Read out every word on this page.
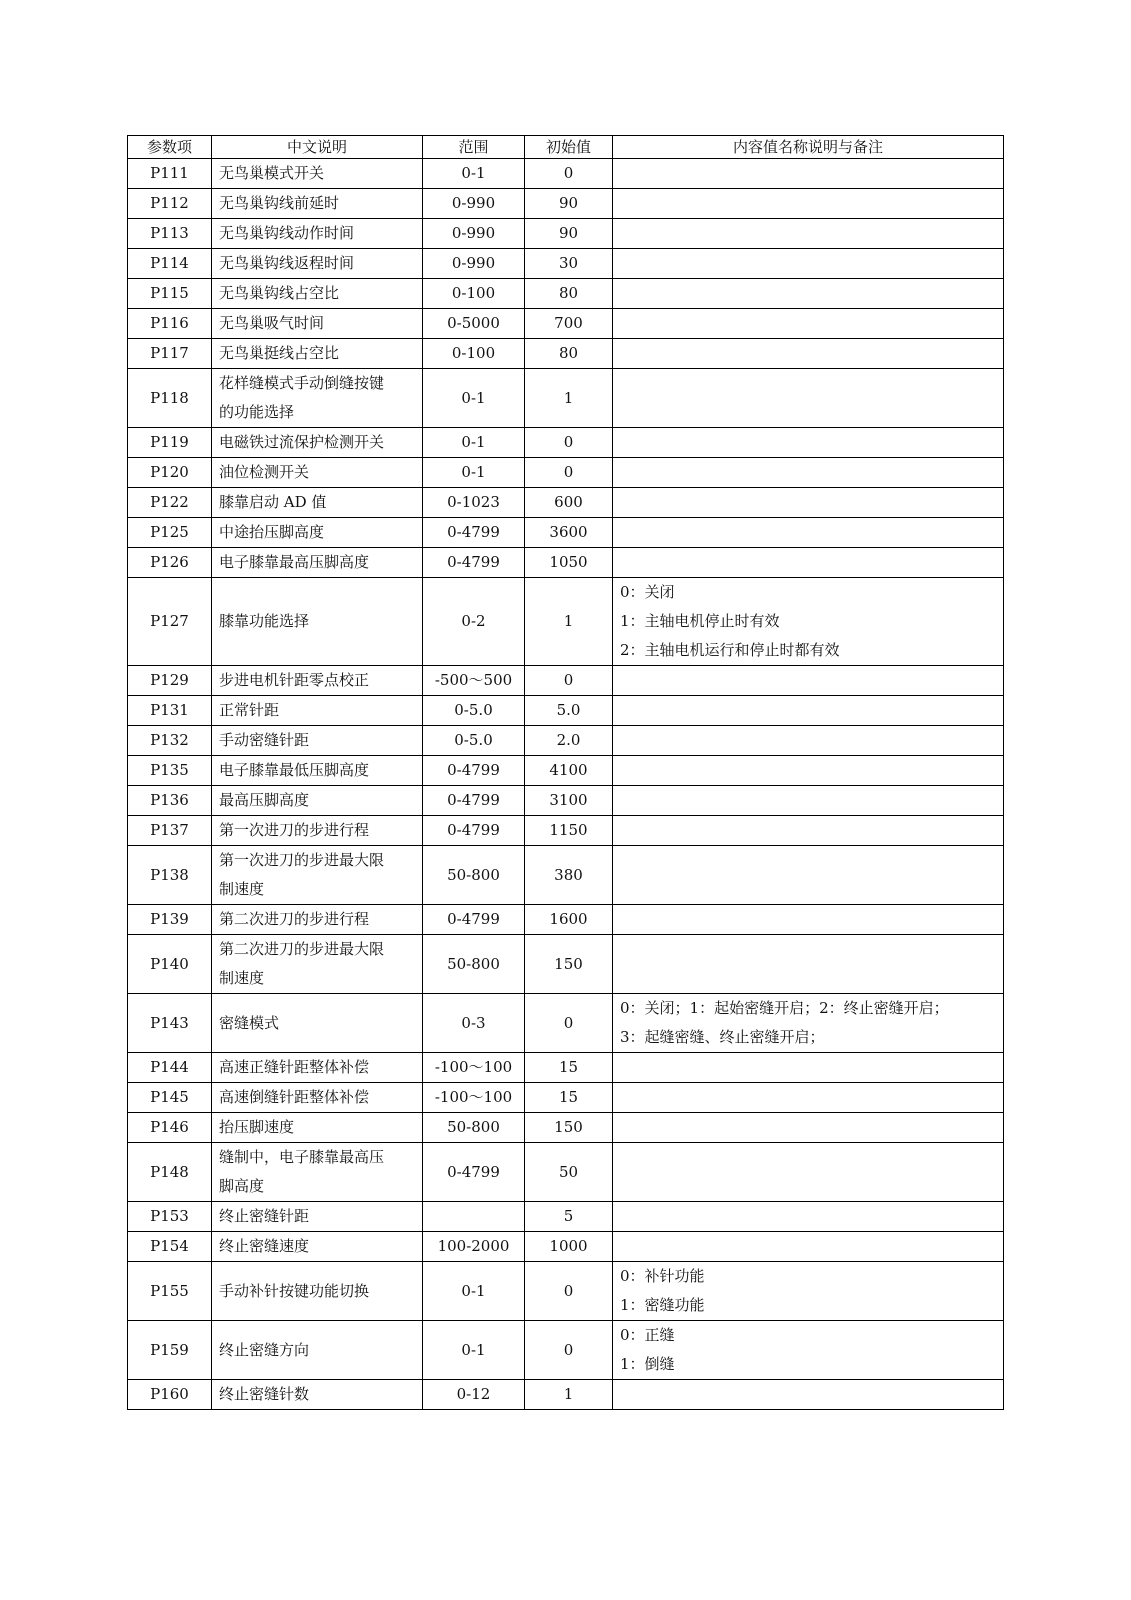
参数项	中文说明	范围	初始值	内容值名称说明与备注
P111	无鸟巢模式开关	0-1	0	
P112	无鸟巢钩线前延时	0-990	90	
P113	无鸟巢钩线动作时间	0-990	90	
P114	无鸟巢钩线返程时间	0-990	30	
P115	无鸟巢钩线占空比	0-100	80	
P116	无鸟巢吸气时间	0-5000	700	
P117	无鸟巢挺线占空比	0-100	80	
P118	花样缝模式手动倒缝按键
的功能选择	0-1	1	
P119	电磁铁过流保护检测开关	0-1	0	
P120	油位检测开关	0-1	0	
P122	膝靠启动 AD 值	0-1023	600	
P125	中途抬压脚高度	0-4799	3600	
P126	电子膝靠最高压脚高度	0-4799	1050	
P127	膝靠功能选择	0-2	1	0：关闭
1：主轴电机停止时有效
2：主轴电机运行和停止时都有效

P129	步进电机针距零点校正	-500～500	0	
P131	正常针距	0-5.0	5.0	
P132	手动密缝针距	0-5.0	2.0	
P135	电子膝靠最低压脚高度	0-4799	4100	
P136	最高压脚高度	0-4799	3100	
P137	第一次进刀的步进行程	0-4799	1150	
P138	第一次进刀的步进最大限
制速度	50-800	380	
P139	第二次进刀的步进行程	0-4799	1600	
P140	第二次进刀的步进最大限
制速度	50-800	150	
P143	密缝模式	0-3	0	0：关闭；1：起始密缝开启；2：终止密缝开启；
3：起缝密缝、终止密缝开启；

P144	高速正缝针距整体补偿	-100～100	15	
P145	高速倒缝针距整体补偿	-100～100	15	
P146	抬压脚速度	50-800	150	
P148	缝制中，电子膝靠最高压
脚高度	0-4799	50	
P153	终止密缝针距		5	
P154	终止密缝速度	100-2000	1000	
P155	手动补针按键功能切换	0-1	0	0：补针功能
1：密缝功能

P159	终止密缝方向	0-1	0	0：正缝
1：倒缝

P160	终止密缝针数	0-12	1	
